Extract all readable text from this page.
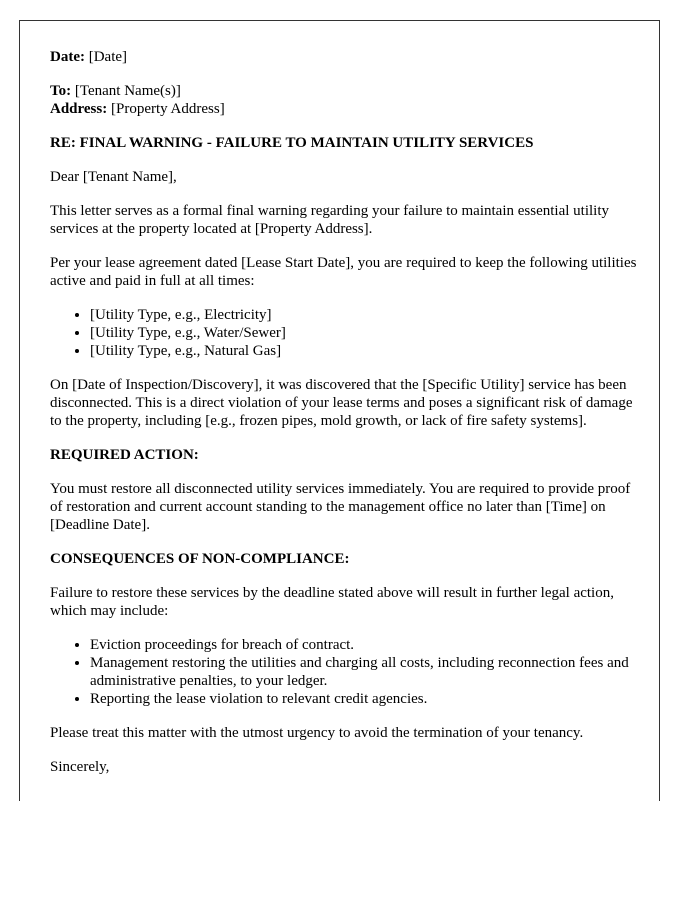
Date: [Date]

To: [Tenant Name(s)]

Address: [Property Address]

RE: FINAL WARNING - FAILURE TO MAINTAIN UTILITY SERVICES

Dear [Tenant Name],

This letter serves as a formal final warning regarding your failure to maintain essential utility services at the property located at [Property Address].

Per your lease agreement dated [Lease Start Date], you are required to keep the following utilities active and paid in full at all times:

• [Utility Type, e.g., Electricity]
• [Utility Type, e.g., Water/Sewer]
• [Utility Type, e.g., Natural Gas]

On [Date of Inspection/Discovery], it was discovered that the [Specific Utility] service has been disconnected. This is a direct violation of your lease terms and poses a significant risk of damage to the property, including [e.g., frozen pipes, mold growth, or lack of fire safety systems].

REQUIRED ACTION:

You must restore all disconnected utility services immediately. You are required to provide proof of restoration and current account standing to the management office no later than [Time] on [Deadline Date].

CONSEQUENCES OF NON-COMPLIANCE:

Failure to restore these services by the deadline stated above will result in further legal action, which may include:

• Eviction proceedings for breach of contract.
• Management restoring the utilities and charging all costs, including reconnection fees and administrative penalties, to your ledger.
• Reporting the lease violation to relevant credit agencies.

Please treat this matter with the utmost urgency to avoid the termination of your tenancy.

Sincerely,
